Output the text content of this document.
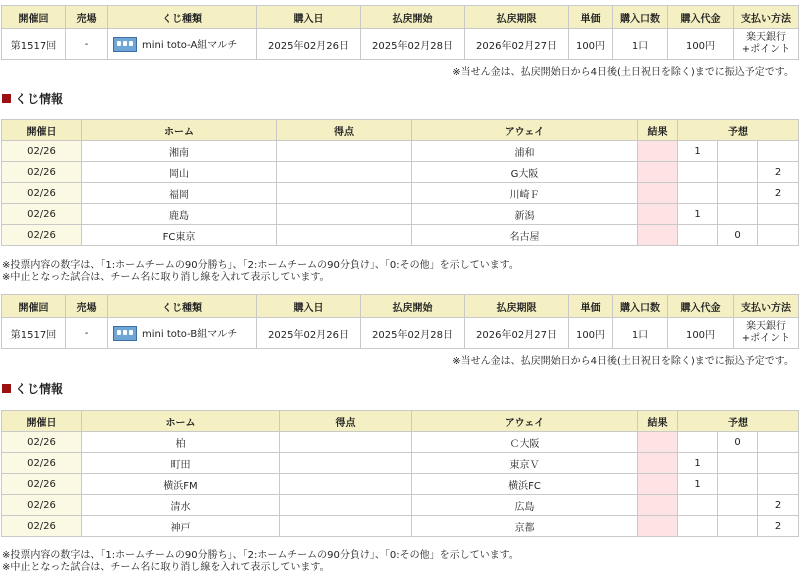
開催回	売場	くじ種類	購入日	払戻開始	払戻期限	単価	購入口数	購入代金	支払い方法
第1517回	-	mini toto-A組マルチ	2025年02月26日	2025年02月28日	2026年02月27日	100円	1口	100円	楽天銀行
+ポイント
※当せん金は、払戻開始日から4日後(土日祝日を除く)までに振込予定です。
くじ情報
開催日	ホーム	得点	アウェイ	結果	予想		
02/26	湘南		浦和		1		
02/26	岡山		G大阪				2
02/26	福岡		川崎Ｆ				2
02/26	鹿島		新潟		1		
02/26	FC東京		名古屋			0	
※投票内容の数字は、「1:ホームチームの90分勝ち」、「2:ホームチームの90分負け」、「0:その他」を示しています。
※中止となった試合は、チーム名に取り消し線を入れて表示しています。
開催回	売場	くじ種類	購入日	払戻開始	払戻期限	単価	購入口数	購入代金	支払い方法
第1517回	-	mini toto-B組マルチ	2025年02月26日	2025年02月28日	2026年02月27日	100円	1口	100円	楽天銀行
+ポイント
※当せん金は、払戻開始日から4日後(土日祝日を除く)までに振込予定です。
くじ情報
開催日	ホーム	得点	アウェイ	結果	予想		
02/26	柏		Ｃ大阪			0	
02/26	町田		東京Ｖ		1		
02/26	横浜FM		横浜FC		1		
02/26	清水		広島				2
02/26	神戸		京都				2
※投票内容の数字は、「1:ホームチームの90分勝ち」、「2:ホームチームの90分負け」、「0:その他」を示しています。
※中止となった試合は、チーム名に取り消し線を入れて表示しています。
